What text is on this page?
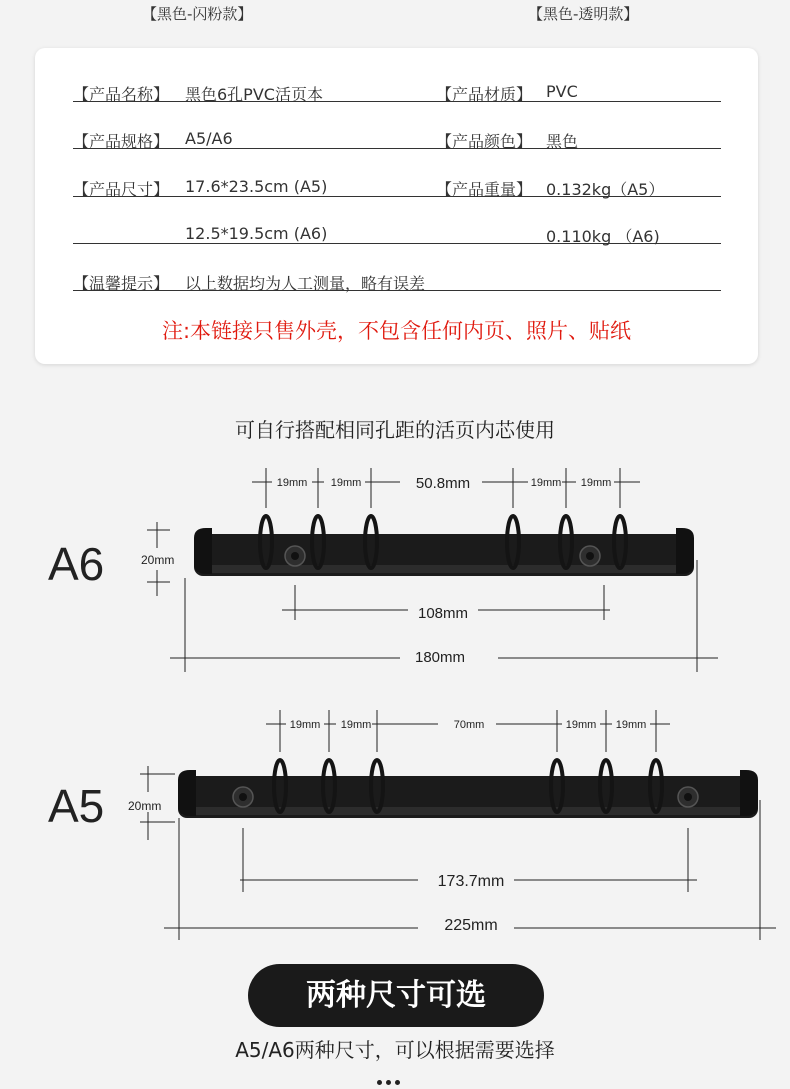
【黑色-闪粉款】	【黑色-透明款】
【产品名称】 黑色6孔PVC活页本	【产品材质】 PVC
【产品规格】 A5/A6	【产品颜色】 黑色
【产品尺寸】 17.6*23.5cm (A5)	【产品重量】 0.132kg（A5）
12.5*19.5cm (A6)	0.110kg （A6)
【温馨提示】 以上数据均为人工测量，略有误差
注:本链接只售外壳，不包含任何内页、照片、贴纸
可自行搭配相同孔距的活页内芯使用
A6
19mm 19mm	50.8mm	19mm 19mm
20mm
108mm
180mm
A5
19mm 19mm	70mm	19mm 19mm
20mm
173.7mm
225mm
两种尺寸可选
A5/A6两种尺寸，可以根据需要选择
